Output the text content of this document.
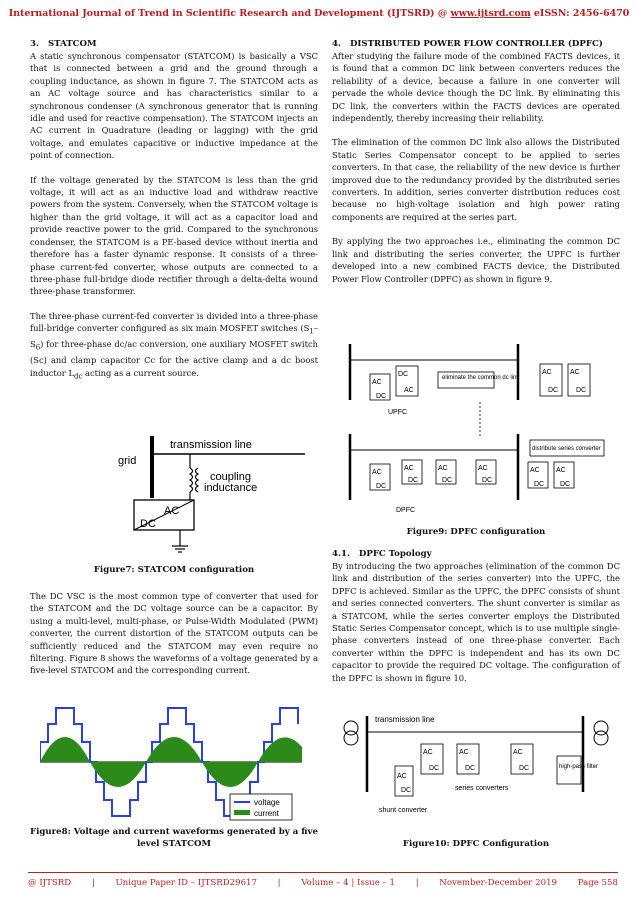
International Journal of Trend in Scientific Research and Development (IJTSRD) @ www.ijtsrd.com eISSN: 2456-6470
3.   STATCOM

A static synchronous compensator (STATCOM) is basically a VSC that is connected between a grid and the ground through a coupling inductance, as shown in figure 7. The STATCOM acts as an AC voltage source and has characteristics similar to a synchronous condenser (A synchronous generator that is running idle and used for reactive compensation). The STATCOM injects an AC current in Quadrature (leading or lagging) with the grid voltage, and emulates capacitive or inductive impedance at the point of connection.

If the voltage generated by the STATCOM is less than the grid voltage, it will act as an inductive load and withdraw reactive powers from the system. Conversely, when the STATCOM voltage is higher than the grid voltage, it will act as a capacitor load and provide reactive power to the grid. Compared to the synchronous condenser, the STATCOM is a PE-based device without inertia and therefore has a faster dynamic response. It consists of a three-phase current-fed converter, whose outputs are connected to a three-phase full-bridge diode rectifier through a delta-delta wound three-phase transformer.

The three-phase current-fed converter is divided into a three-phase full-bridge converter configured as six main MOSFET switches $(S_1-S_6)$ for three-phase dc/ac conversion, one auxiliary MOSFET switch (Sc) and clamp capacitor Cc for the active clamp and a dc boost inductor $L_{dc}$ acting as a current source.

grid
transmission line
coupling
inductance
AC
DC
Figure7: STATCOM configuration

The DC VSC is the most common type of converter that used for the STATCOM and the DC voltage source can be a capacitor. By using a multi-level, multi-phase, or Pulse-Width Modulated (PWM) converter, the current distortion of the STATCOM outputs can be sufficiently reduced and the STATCOM may even require no filtering. Figure 8 shows the waveforms of a voltage generated by a five-level STATCOM and the corresponding current.

voltage
current
Figure8: Voltage and current waveforms generated by a five level STATCOM
4.   DISTRIBUTED POWER FLOW CONTROLLER (DPFC)

After studying the failure mode of the combined FACTS devices, it is found that a common DC link between converters reduces the reliability of a device, because a failure in one converter will pervade the whole device though the DC link. By eliminating this DC link, the converters within the FACTS devices are operated independently, thereby increasing their reliability.

The elimination of the common DC link also allows the Distributed Static Series Compensator concept to be applied to series converters. In that case, the reliability of the new device is further improved due to the redundancy provided by the distributed series converters. In addition, series converter distribution reduces cost because no high-voltage isolation and high power rating components are required at the series part.

By applying the two approaches i.e., eliminating the common DC link and distributing the series converter, the UPFC is further developed into a new combined FACTS device, the Distributed Power Flow Controller (DPFC) as shown in figure 9.

AC
DC
DC
AC
UPFC
eliminate the common dc link
AC
DC
AC
DC
AC
DC
AC
DC
AC
DC
AC
DC
DPFC
AC
DC
AC
DC
distribute series converter
Figure9: DPFC configuration
4.1.   DPFC Topology

By introducing the two approaches (elimination of the common DC link and distribution of the series converter) into the UPFC, the DPFC is achieved. Similar as the UPFC, the DPFC consists of shunt and series connected converters. The shunt converter is similar as a STATCOM, while the series converter employs the Distributed Static Series Compensator concept, which is to use multiple single-phase converters instead of one three-phase converter. Each converter within the DPFC is independent and has its own DC capacitor to provide the required DC voltage. The configuration of the DPFC is shown in figure 10.

transmission line
AC
DC
AC
DC
AC
DC
AC
DC
series converters
shunt converter
high-pass filter
Figure10: DPFC Configuration
@ IJTSRD | Unique Paper ID – IJTSRD29617 | Volume – 4 | Issue – 1 | November-December 2019 Page 558
